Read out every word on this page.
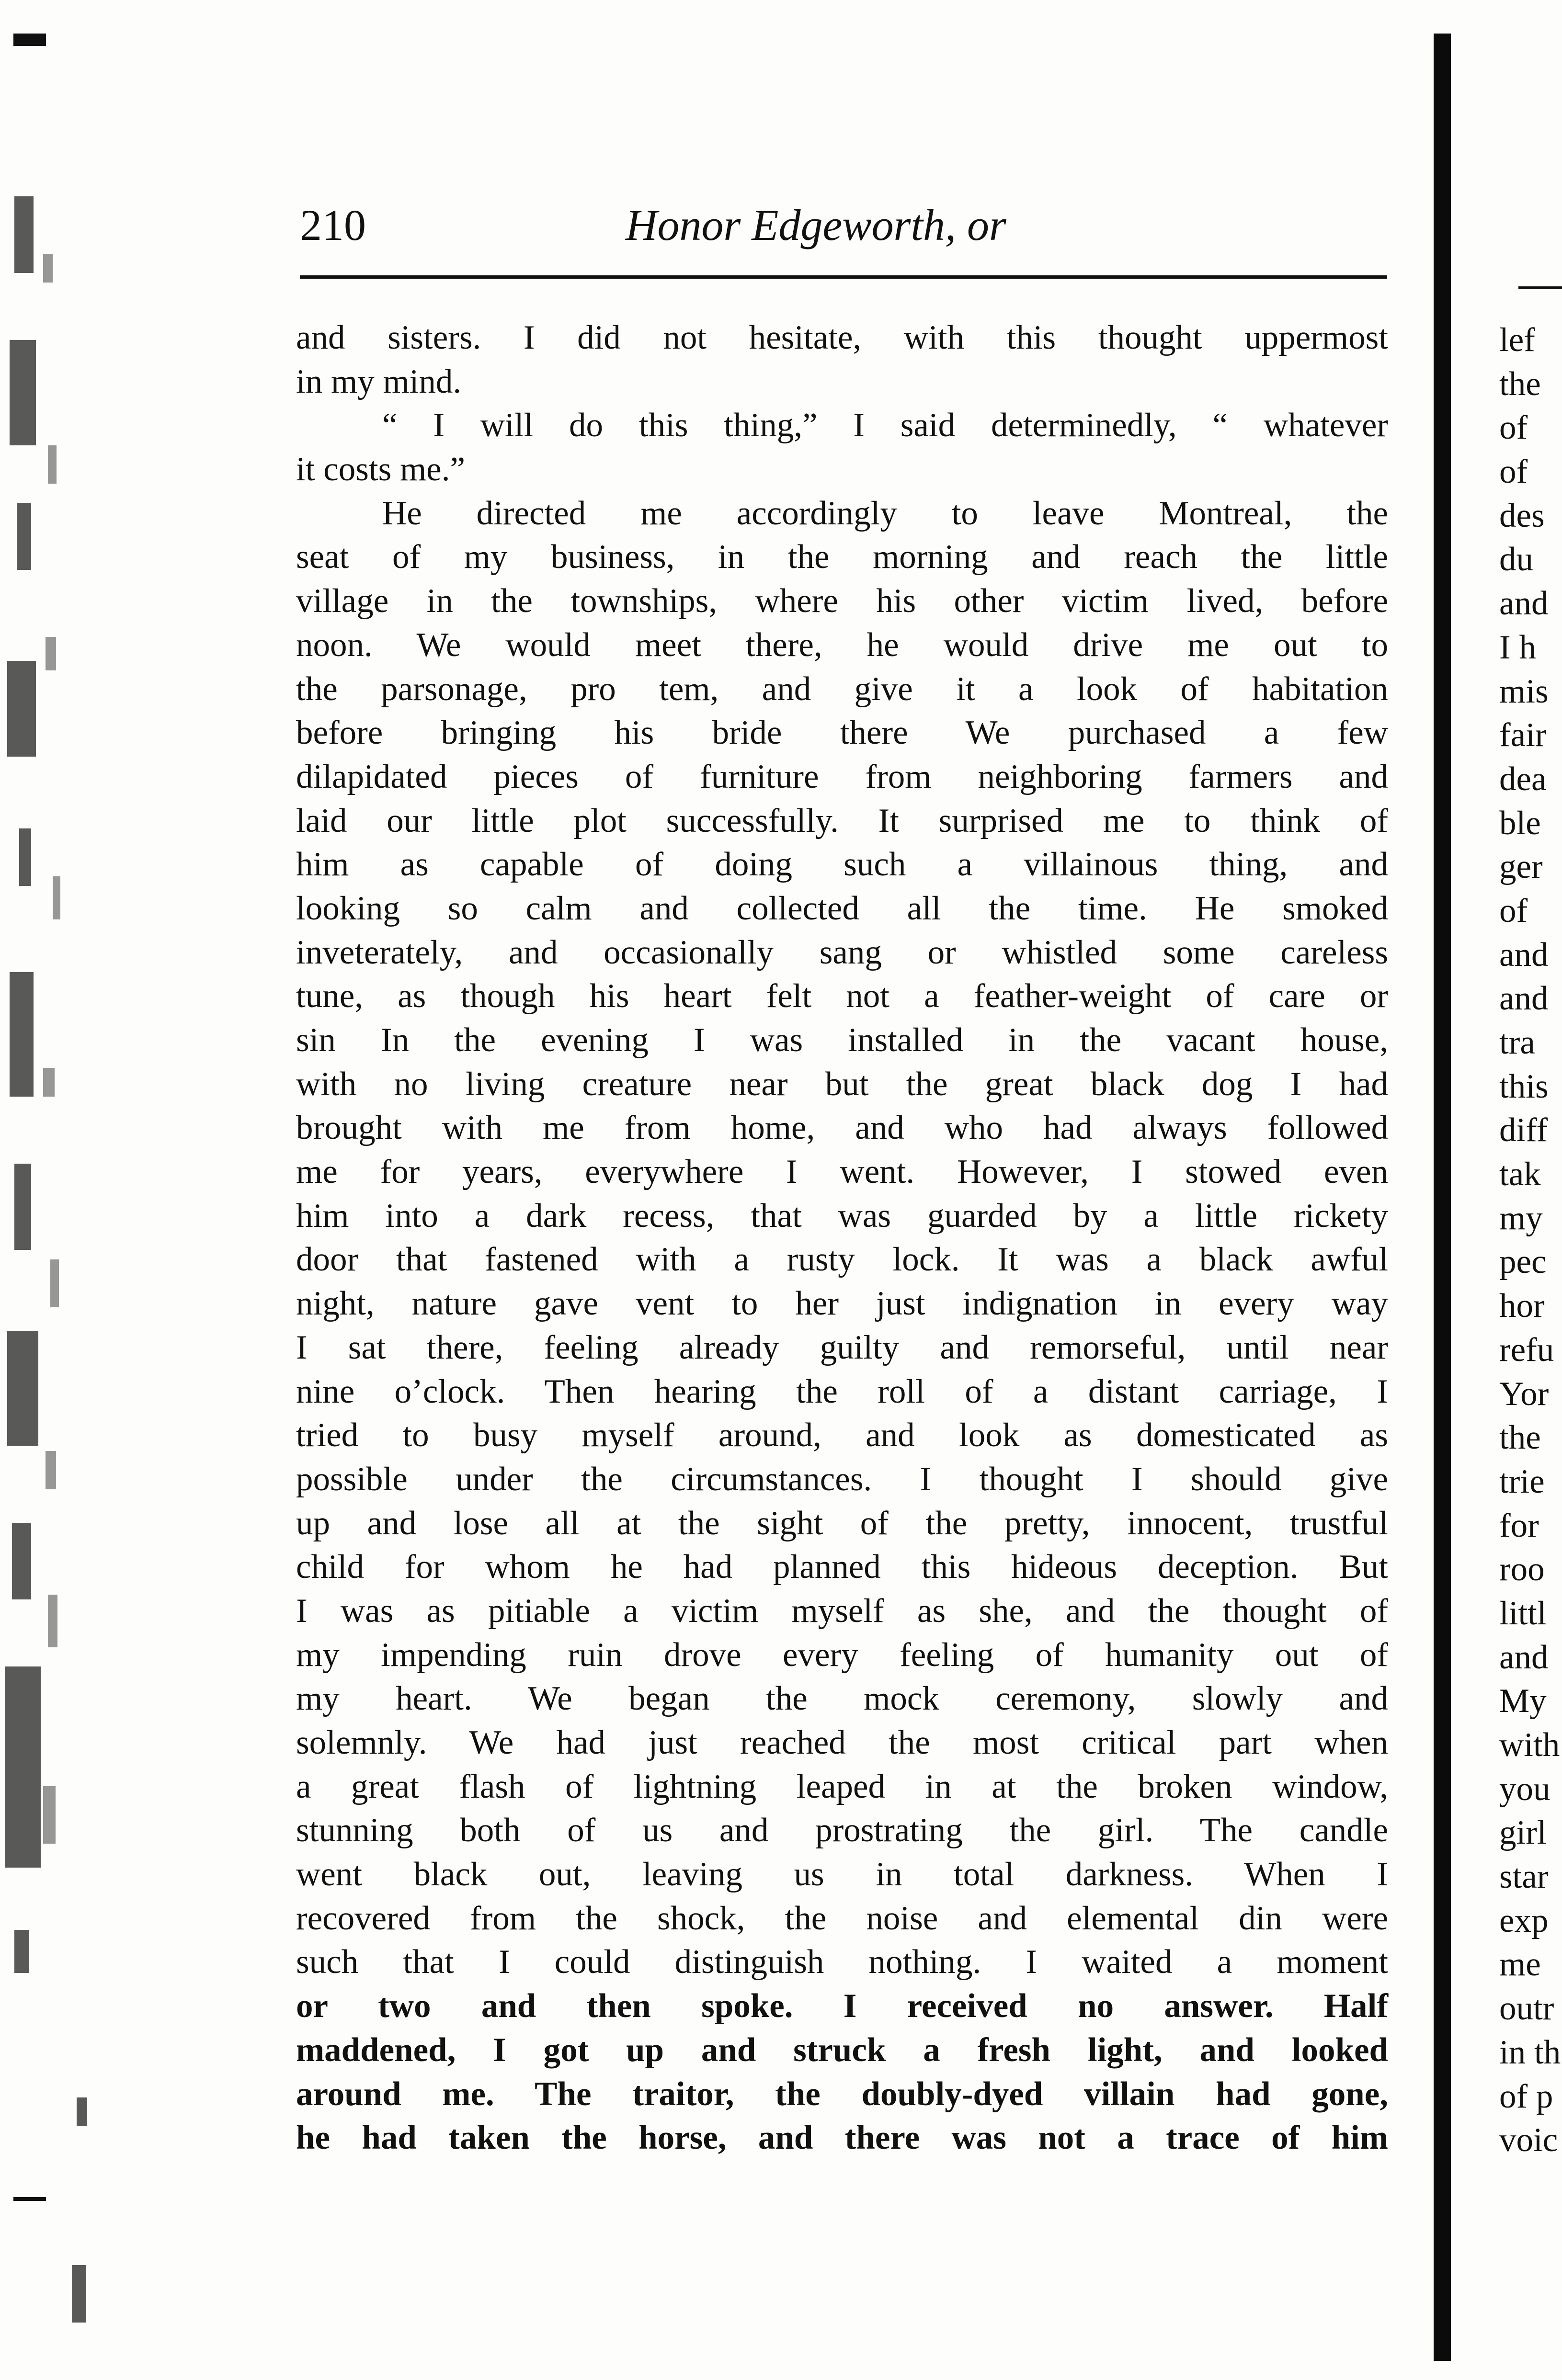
210	Honor Edgeworth, or
and sisters. I did not hesitate, with this thought uppermost
in my mind.
“ I will do this thing,” I said determinedly, “ whatever
it costs me.”
He directed me accordingly to leave Montreal, the
seat of my business, in the morning and reach the little
village in the townships, where his other victim lived, before
noon. We would meet there, he would drive me out to
the parsonage, pro tem, and give it a look of habitation
before bringing his bride there We purchased a few
dilapidated pieces of furniture from neighboring farmers and
laid our little plot successfully. It surprised me to think of
him as capable of doing such a villainous thing, and
looking so calm and collected all the time. He smoked
inveterately, and occasionally sang or whistled some careless
tune, as though his heart felt not a feather-weight of care or
sin In the evening I was installed in the vacant house,
with no living creature near but the great black dog I had
brought with me from home, and who had always followed
me for years, everywhere I went. However, I stowed even
him into a dark recess, that was guarded by a little rickety
door that fastened with a rusty lock. It was a black awful
night, nature gave vent to her just indignation in every way
I sat there, feeling already guilty and remorseful, until near
nine o’clock. Then hearing the roll of a distant carriage, I
tried to busy myself around, and look as domesticated as
possible under the circumstances. I thought I should give
up and lose all at the sight of the pretty, innocent, trustful
child for whom he had planned this hideous deception. But
I was as pitiable a victim myself as she, and the thought of
my impending ruin drove every feeling of humanity out of
my heart. We began the mock ceremony, slowly and
solemnly. We had just reached the most critical part when
a great flash of lightning leaped in at the broken window,
stunning both of us and prostrating the girl. The candle
went black out, leaving us in total darkness. When I
recovered from the shock, the noise and elemental din were
such that I could distinguish nothing. I waited a moment
or two and then spoke. I received no answer. Half
maddened, I got up and struck a fresh light, and looked
around me. The traitor, the doubly-dyed villain had gone,
he had taken the horse, and there was not a trace of him
lef
the
of
of
des
du
and
I h
mis
fair
dea
ble
ger
of
and
and
tra
this
diff
tak
my
pec
hor
refu
Yor
the
trie
for
roo
littl
and
My
with
you
girl
star
exp
me
outr
in th
of p
voic
